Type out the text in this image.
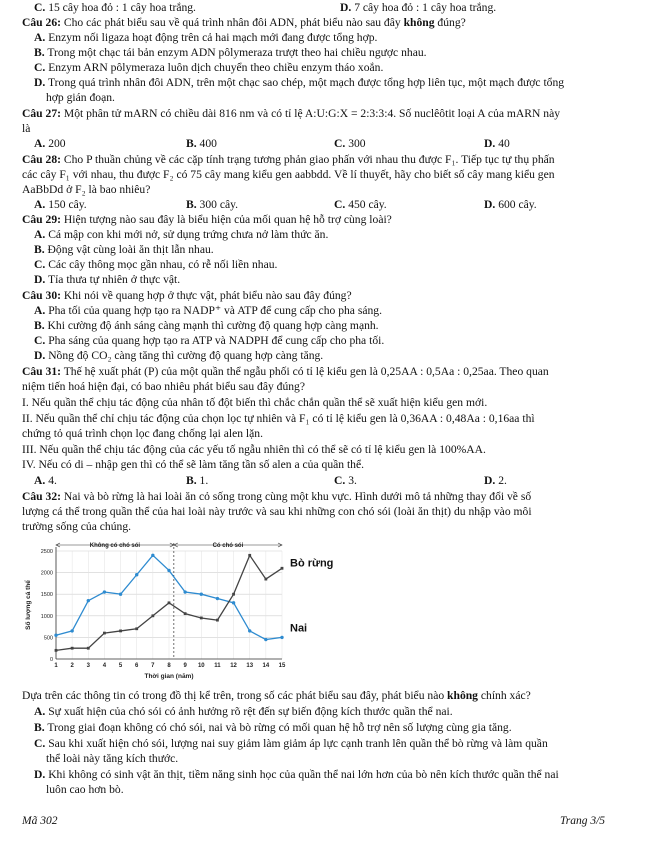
C. 15 cây hoa đỏ : 1 cây hoa trắng.	D. 7 cây hoa đỏ : 1 cây hoa trắng.
Câu 26: Cho các phát biểu sau về quá trình nhân đôi ADN, phát biểu nào sau đây không đúng?
A. Enzym nối ligaza hoạt động trên cả hai mạch mới đang được tổng hợp.
B. Trong một chạc tái bản enzym ADN pôlymeraza trượt theo hai chiều ngược nhau.
C. Enzym ARN pôlymeraza luôn dịch chuyển theo chiều enzym tháo xoắn.
D. Trong quá trình nhân đôi ADN, trên một chạc sao chép, một mạch được tổng hợp liên tục, một mạch được tổng
hợp gián đoạn.
Câu 27: Một phân tử mARN có chiều dài 816 nm và có tỉ lệ A:U:G:X = 2:3:3:4. Số nuclêôtit loại A của mARN này
là
A. 200	B. 400	C. 300	D. 40
Câu 28: Cho P thuần chủng về các cặp tính trạng tương phản giao phấn với nhau thu được F₁. Tiếp tục tự thụ phấn
các cây F₁ với nhau, thu được F₂ có 75 cây mang kiểu gen aabbdd. Về lí thuyết, hãy cho biết số cây mang kiểu gen
AaBbDd ở F₂ là bao nhiêu?
A. 150 cây.	B. 300 cây.	C. 450 cây.	D. 600 cây.
Câu 29: Hiện tượng nào sau đây là biểu hiện của mối quan hệ hỗ trợ cùng loài?
A. Cá mập con khi mới nở, sử dụng trứng chưa nở làm thức ăn.
B. Động vật cùng loài ăn thịt lẫn nhau.
C. Các cây thông mọc gần nhau, có rễ nối liền nhau.
D. Tỉa thưa tự nhiên ở thực vật.
Câu 30: Khi nói về quang hợp ở thực vật, phát biểu nào sau đây đúng?
A. Pha tối của quang hợp tạo ra NADP⁺ và ATP để cung cấp cho pha sáng.
B. Khi cường độ ánh sáng càng mạnh thì cường độ quang hợp càng mạnh.
C. Pha sáng của quang hợp tạo ra ATP và NADPH để cung cấp cho pha tối.
D. Nồng độ CO₂ càng tăng thì cường độ quang hợp càng tăng.
Câu 31: Thế hệ xuất phát (P) của một quần thể ngẫu phối có tỉ lệ kiểu gen là 0,25AA : 0,5Aa : 0,25aa. Theo quan
niệm tiến hoá hiện đại, có bao nhiêu phát biểu sau đây đúng?
I. Nếu quần thể chịu tác động của nhân tố đột biến thì chắc chắn quần thể sẽ xuất hiện kiểu gen mới.
II. Nếu quần thể chỉ chịu tác động của chọn lọc tự nhiên và F₁ có tỉ lệ kiểu gen là 0,36AA : 0,48Aa : 0,16aa thì
chứng tỏ quá trình chọn lọc đang chống lại alen lặn.
III. Nếu quần thể chịu tác động của các yếu tố ngẫu nhiên thì có thể sẽ có tỉ lệ kiểu gen là 100%AA.
IV. Nếu có di – nhập gen thì có thể sẽ làm tăng tần số alen a của quần thể.
A. 4.	B. 1.	C. 3.	D. 2.
Câu 32: Nai và bò rừng là hai loài ăn cỏ sống trong cùng một khu vực. Hình dưới mô tả những thay đổi về số
lượng cá thể trong quần thể của hai loài này trước và sau khi những con chó sói (loài ăn thịt) du nhập vào môi
trường sống của chúng.
0
500
1000
1500
2000
2500
1 2 3 4 5 6 7 8 9 10 11 12 13 14 15
Không có chó sói	Có chó sói
Nai
Bò rừng
Thời gian (năm)
Số lượng cá thể
Dựa trên các thông tin có trong đồ thị kể trên, trong số các phát biểu sau đây, phát biểu nào không chính xác?
A. Sự xuất hiện của chó sói có ảnh hưởng rõ rệt đến sự biến động kích thước quần thể nai.
B. Trong giai đoạn không có chó sói, nai và bò rừng có mối quan hệ hỗ trợ nên số lượng cùng gia tăng.
C. Sau khi xuất hiện chó sói, lượng nai suy giảm làm giảm áp lực cạnh tranh lên quần thể bò rừng và làm quần
thể loài này tăng kích thước.
D. Khi không có sinh vật ăn thịt, tiềm năng sinh học của quần thể nai lớn hơn của bò nên kích thước quần thể nai
luôn cao hơn bò.
Mã 302	Trang 3/5
